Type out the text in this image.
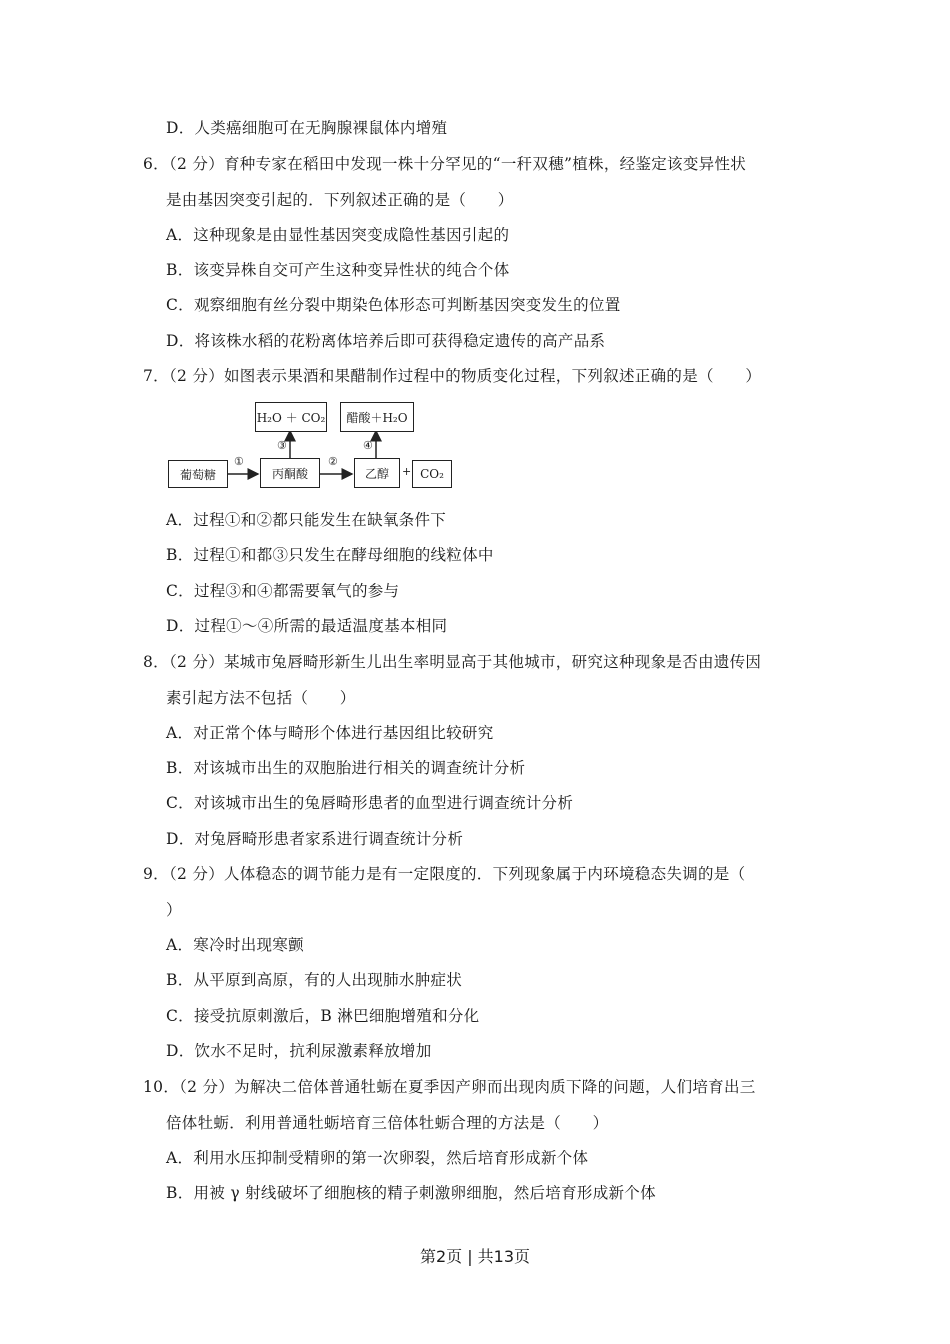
D．人类癌细胞可在无胸腺裸鼠体内增殖
6．（2 分）育种专家在稻田中发现一株十分罕见的“一秆双穗”植株，经鉴定该变异性状
是由基因突变引起的．下列叙述正确的是（　　）
A．这种现象是由显性基因突变成隐性基因引起的
B．该变异株自交可产生这种变异性状的纯合个体
C．观察细胞有丝分裂中期染色体形态可判断基因突变发生的位置
D．将该株水稻的花粉离体培养后即可获得稳定遗传的高产品系
7．（2 分）如图表示果酒和果醋制作过程中的物质变化过程，下列叙述正确的是（　　）
葡萄糖	丙酮酸	乙醇	+ CO₂
H₂O ＋ CO₂	醋酸＋H₂O
①	②
③	④
A．过程①和②都只能发生在缺氧条件下
B．过程①和都③只发生在酵母细胞的线粒体中
C．过程③和④都需要氧气的参与
D．过程①～④所需的最适温度基本相同
8．（2 分）某城市兔唇畸形新生儿出生率明显高于其他城市，研究这种现象是否由遗传因
素引起方法不包括（　　）
A．对正常个体与畸形个体进行基因组比较研究
B．对该城市出生的双胞胎进行相关的调查统计分析
C．对该城市出生的兔唇畸形患者的血型进行调查统计分析
D．对兔唇畸形患者家系进行调查统计分析
9．（2 分）人体稳态的调节能力是有一定限度的．下列现象属于内环境稳态失调的是（
）
A．寒冷时出现寒颤
B．从平原到高原，有的人出现肺水肿症状
C．接受抗原刺激后，B 淋巴细胞增殖和分化
D．饮水不足时，抗利尿激素释放增加
10．（2 分）为解决二倍体普通牡蛎在夏季因产卵而出现肉质下降的问题，人们培育出三
倍体牡蛎．利用普通牡蛎培育三倍体牡蛎合理的方法是（　　）
A．利用水压抑制受精卵的第一次卵裂，然后培育形成新个体
B．用被 γ 射线破坏了细胞核的精子刺激卵细胞，然后培育形成新个体
第2页 | 共13页
